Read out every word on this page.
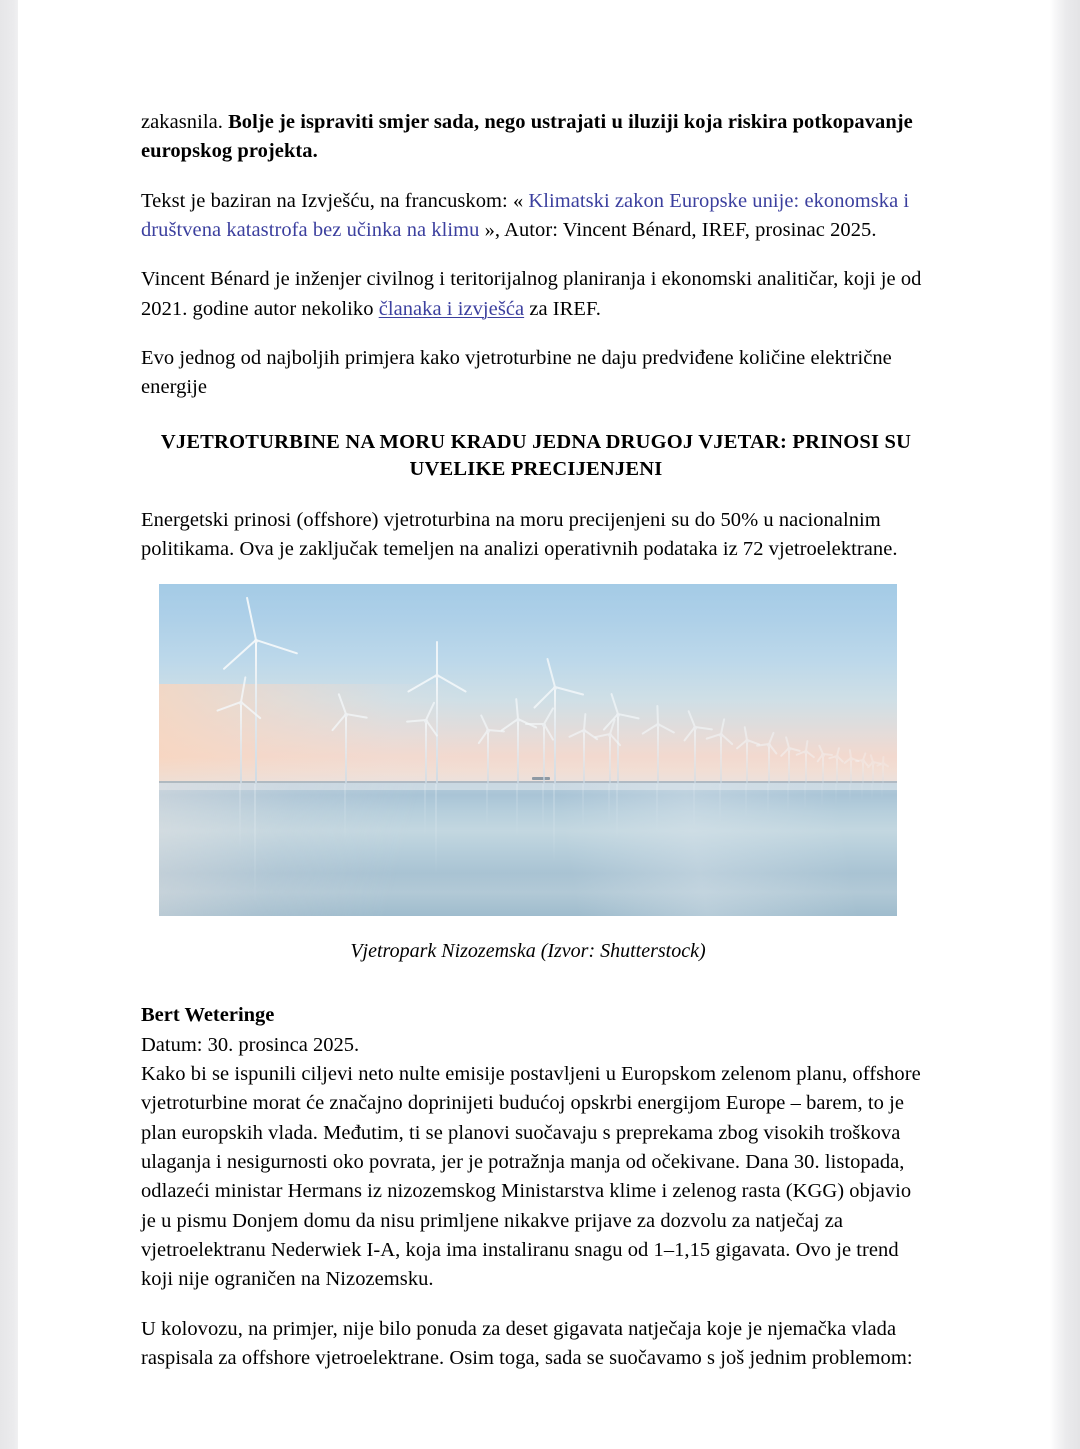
zakasnila. Bolje je ispraviti smjer sada, nego ustrajati u iluziji koja riskira potkopavanje europskog projekta.

Tekst je baziran na Izvješću, na francuskom: « Klimatski zakon Europske unije: ekonomska i društvena katastrofa bez učinka na klimu », Autor: Vincent Bénard, IREF, prosinac 2025.

Vincent Bénard je inženjer civilnog i teritorijalnog planiranja i ekonomski analitičar, koji je od 2021. godine autor nekoliko članaka i izvješća za IREF.

Evo jednog od najboljih primjera kako vjetroturbine ne daju predviđene količine električne energije

VJETROTURBINE NA MORU KRADU JEDNA DRUGOJ VJETAR: PRINOSI SU UVELIKE PRECIJENJENI

Energetski prinosi (offshore) vjetroturbina na moru precijenjeni su do 50% u nacionalnim politikama. Ova je zaključak temeljen na analizi operativnih podataka iz 72 vjetroelektrane.

Vjetropark Nizozemska (Izvor: Shutterstock)
Bert Weteringe
Datum: 30. prosinca 2025.

Kako bi se ispunili ciljevi neto nulte emisije postavljeni u Europskom zelenom planu, offshore vjetroturbine morat će značajno doprinijeti budućoj opskrbi energijom Europe – barem, to je plan europskih vlada. Međutim, ti se planovi suočavaju s preprekama zbog visokih troškova ulaganja i nesigurnosti oko povrata, jer je potražnja manja od očekivane. Dana 30. listopada, odlazeći ministar Hermans iz nizozemskog Ministarstva klime i zelenog rasta (KGG) objavio je u pismu Donjem domu da nisu primljene nikakve prijave za dozvolu za natječaj za vjetroelektranu Nederwiek I-A, koja ima instaliranu snagu od 1–1,15 gigavata. Ovo je trend koji nije ograničen na Nizozemsku.

U kolovozu, na primjer, nije bilo ponuda za deset gigavata natječaja koje je njemačka vlada raspisala za offshore vjetroelektrane. Osim toga, sada se suočavamo s još jednim problemom:
